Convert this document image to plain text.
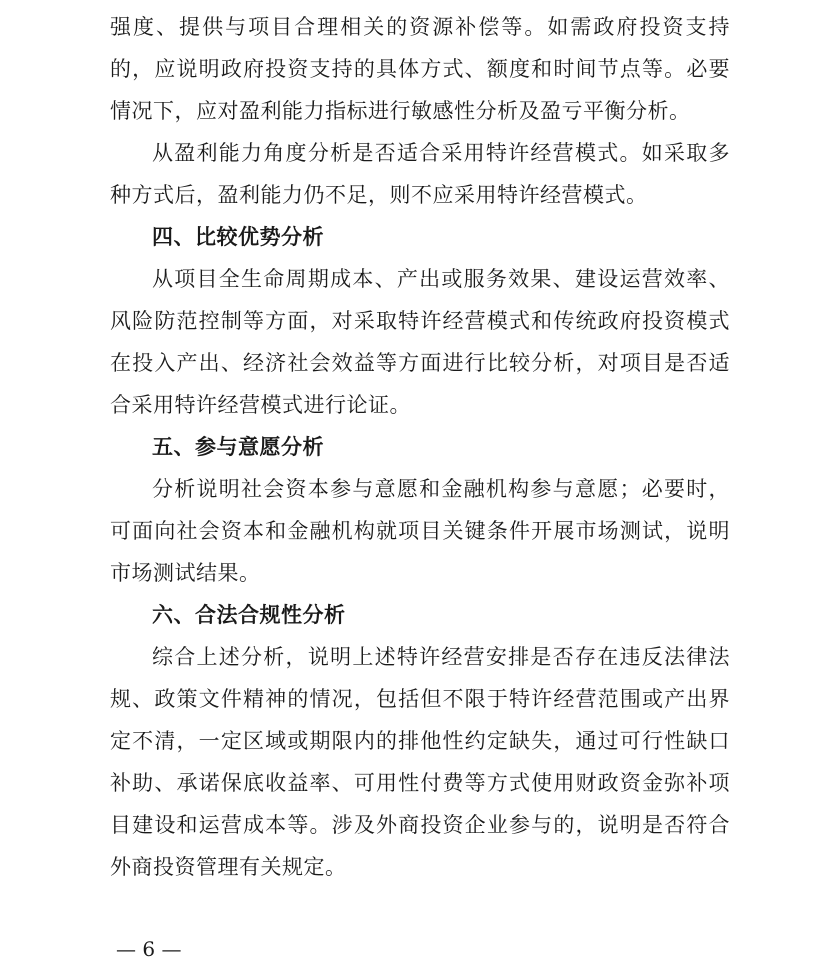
强度、提供与项目合理相关的资源补偿等。如需政府投资支持
的，应说明政府投资支持的具体方式、额度和时间节点等。必要
情况下，应对盈利能力指标进行敏感性分析及盈亏平衡分析。
从盈利能力角度分析是否适合采用特许经营模式。如采取多
种方式后，盈利能力仍不足，则不应采用特许经营模式。
四、比较优势分析
从项目全生命周期成本、产出或服务效果、建设运营效率、
风险防范控制等方面，对采取特许经营模式和传统政府投资模式
在投入产出、经济社会效益等方面进行比较分析，对项目是否适
合采用特许经营模式进行论证。
五、参与意愿分析
分析说明社会资本参与意愿和金融机构参与意愿；必要时，
可面向社会资本和金融机构就项目关键条件开展市场测试，说明
市场测试结果。
六、合法合规性分析
综合上述分析，说明上述特许经营安排是否存在违反法律法
规、政策文件精神的情况，包括但不限于特许经营范围或产出界
定不清，一定区域或期限内的排他性约定缺失，通过可行性缺口
补助、承诺保底收益率、可用性付费等方式使用财政资金弥补项
目建设和运营成本等。涉及外商投资企业参与的，说明是否符合
外商投资管理有关规定。
— 6 —
